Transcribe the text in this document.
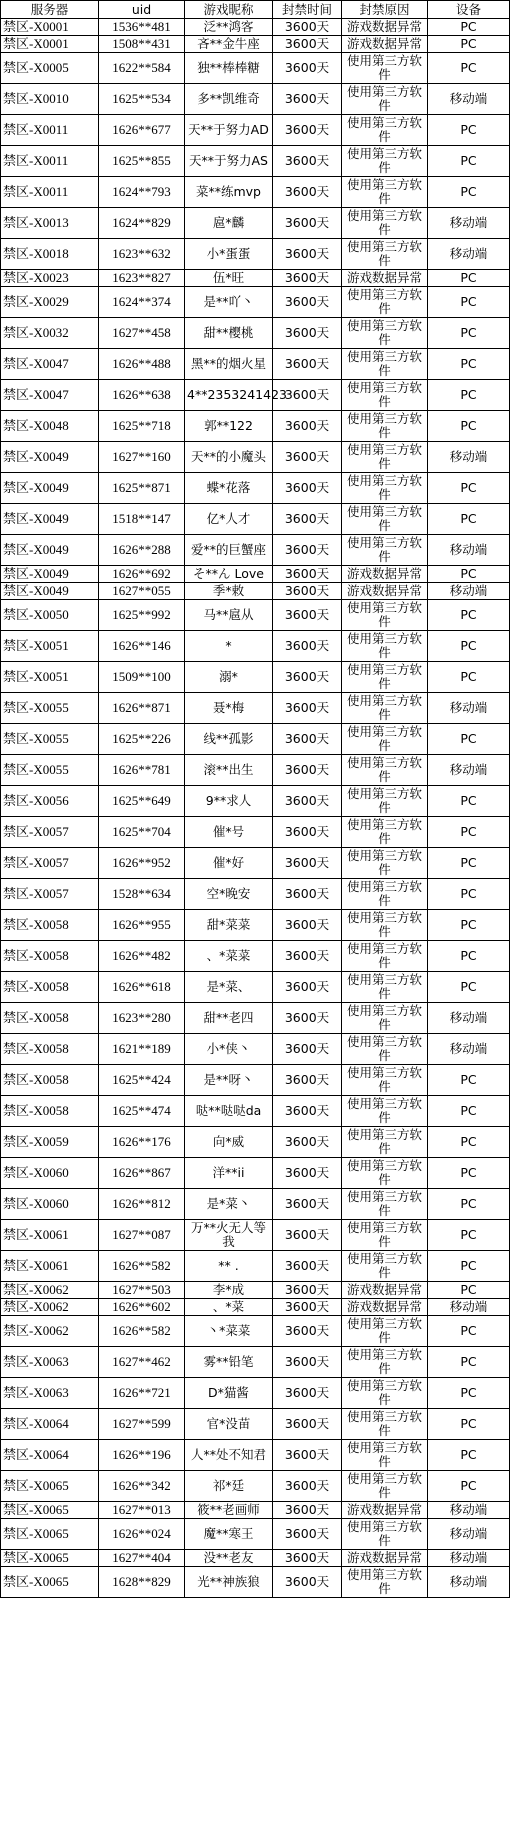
服务器	uid	游戏昵称	封禁时间	封禁原因	设备
禁区-X0001	1536**481	泛**鸿客	3600天	游戏数据异常	PC
禁区-X0001	1508**431	吝**金牛座	3600天	游戏数据异常	PC
禁区-X0005	1622**584	独**棒棒糖	3600天	使用第三方软件	PC
禁区-X0010	1625**534	多**凯维奇	3600天	使用第三方软件	移动端
禁区-X0011	1626**677	天**于努力AD	3600天	使用第三方软件	PC
禁区-X0011	1625**855	天**于努力AS	3600天	使用第三方软件	PC
禁区-X0011	1624**793	菜**练mvp	3600天	使用第三方软件	PC
禁区-X0013	1624**829	扈*麟	3600天	使用第三方软件	移动端
禁区-X0018	1623**632	小*蛋蛋	3600天	使用第三方软件	移动端
禁区-X0023	1623**827	伍*旺	3600天	游戏数据异常	PC
禁区-X0029	1624**374	是**吖丶	3600天	使用第三方软件	PC
禁区-X0032	1627**458	甜**樱桃	3600天	使用第三方软件	PC
禁区-X0047	1626**488	黑**的烟火星	3600天	使用第三方软件	PC
禁区-X0047	1626**638	4**2353241423	3600天	使用第三方软件	PC
禁区-X0048	1625**718	郭**122	3600天	使用第三方软件	PC
禁区-X0049	1627**160	天**的小魔头	3600天	使用第三方软件	移动端
禁区-X0049	1625**871	蝶*花落	3600天	使用第三方软件	PC
禁区-X0049	1518**147	亿*人才	3600天	使用第三方软件	PC
禁区-X0049	1626**288	爱**的巨蟹座	3600天	使用第三方软件	移动端
禁区-X0049	1626**692	そ**ん Love	3600天	游戏数据异常	PC
禁区-X0049	1627**055	季*敕	3600天	游戏数据异常	移动端
禁区-X0050	1625**992	马**扈从	3600天	使用第三方软件	PC
禁区-X0051	1626**146	*	3600天	使用第三方软件	PC
禁区-X0051	1509**100	溺*	3600天	使用第三方软件	PC
禁区-X0055	1626**871	聂*梅	3600天	使用第三方软件	移动端
禁区-X0055	1625**226	线**孤影	3600天	使用第三方软件	PC
禁区-X0055	1626**781	滚**出生	3600天	使用第三方软件	移动端
禁区-X0056	1625**649	9**求人	3600天	使用第三方软件	PC
禁区-X0057	1625**704	催*号	3600天	使用第三方软件	PC
禁区-X0057	1626**952	催*好	3600天	使用第三方软件	PC
禁区-X0057	1528**634	空*晚安	3600天	使用第三方软件	PC
禁区-X0058	1626**955	甜*菜菜	3600天	使用第三方软件	PC
禁区-X0058	1626**482	、*菜菜	3600天	使用第三方软件	PC
禁区-X0058	1626**618	是*菜、	3600天	使用第三方软件	PC
禁区-X0058	1623**280	甜**老四	3600天	使用第三方软件	移动端
禁区-X0058	1621**189	小*侠丶	3600天	使用第三方软件	移动端
禁区-X0058	1625**424	是**呀丶	3600天	使用第三方软件	PC
禁区-X0058	1625**474	哒**哒哒da	3600天	使用第三方软件	PC
禁区-X0059	1626**176	向*威	3600天	使用第三方软件	PC
禁区-X0060	1626**867	洋**ii	3600天	使用第三方软件	PC
禁区-X0060	1626**812	是*菜丶	3600天	使用第三方软件	PC
禁区-X0061	1627**087	万**火无人等我	3600天	使用第三方软件	PC
禁区-X0061	1626**582	** .	3600天	使用第三方软件	PC
禁区-X0062	1627**503	李*成	3600天	游戏数据异常	PC
禁区-X0062	1626**602	、*菜	3600天	游戏数据异常	移动端
禁区-X0062	1626**582	丶*菜菜	3600天	使用第三方软件	PC
禁区-X0063	1627**462	雾**铅笔	3600天	使用第三方软件	PC
禁区-X0063	1626**721	D*猫酱	3600天	使用第三方软件	PC
禁区-X0064	1627**599	官*没苗	3600天	使用第三方软件	PC
禁区-X0064	1626**196	人**处不知君	3600天	使用第三方软件	PC
禁区-X0065	1626**342	祁*廷	3600天	使用第三方软件	PC
禁区-X0065	1627**013	筱**老画师	3600天	游戏数据异常	移动端
禁区-X0065	1626**024	魔**寒王	3600天	使用第三方软件	移动端
禁区-X0065	1627**404	没**老友	3600天	游戏数据异常	移动端
禁区-X0065	1628**829	光**神族狼	3600天	使用第三方软件	移动端
